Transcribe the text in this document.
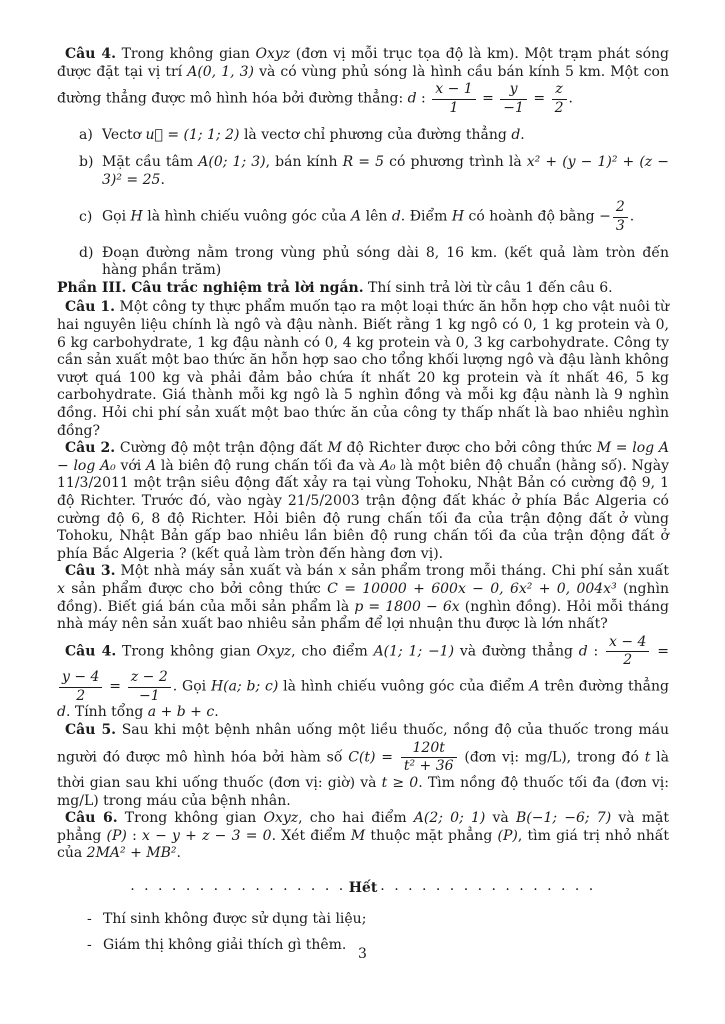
Câu 4. Trong không gian Oxyz (đơn vị mỗi trục tọa độ là km). Một trạm phát sóng được đặt tại vị trí A(0, 1, 3) và có vùng phủ sóng là hình cầu bán kính 5 km. Một con đường thẳng được mô hình hóa bởi đường thẳng: d : $\frac{x - 1}{1} = \frac{y}{-1} = \frac{z}{2}$ .

a) Vectơ u⃗ = (1; 1; 2) là vectơ chỉ phương của đường thẳng d.

b) Mặt cầu tâm A(0; 1; 3), bán kính R = 5 có phương trình là x² + (y − 1)² + (z − 3)² = 25.

c) Gọi H là hình chiếu vuông góc của A lên d. Điểm H có hoành độ bằng − $\frac{2}{3}$ .

d) Đoạn đường nằm trong vùng phủ sóng dài 8, 16 km. (kết quả làm tròn đến hàng phần trăm)

Phần III. Câu trắc nghiệm trả lời ngắn. Thí sinh trả lời từ câu 1 đến câu 6.

Câu 1. Một công ty thực phẩm muốn tạo ra một loại thức ăn hỗn hợp cho vật nuôi từ hai nguyên liệu chính là ngô và đậu nành. Biết rằng 1 kg ngô có 0, 1 kg protein và 0, 6 kg carbohydrate, 1 kg đậu nành có 0, 4 kg protein và 0, 3 kg carbohydrate. Công ty cần sản xuất một bao thức ăn hỗn hợp sao cho tổng khối lượng ngô và đậu lành không vượt quá 100 kg và phải đảm bảo chứa ít nhất 20 kg protein và ít nhất 46, 5 kg carbohydrate. Giá thành mỗi kg ngô là 5 nghìn đồng và mỗi kg đậu nành là 9 nghìn đồng. Hỏi chi phí sản xuất một bao thức ăn của công ty thấp nhất là bao nhiêu nghìn đồng?

Câu 2. Cường độ một trận động đất M độ Richter được cho bởi công thức M = log A − log A₀ với A là biên độ rung chấn tối đa và A₀ là một biên độ chuẩn (hằng số). Ngày 11/3/2011 một trận siêu động đất xảy ra tại vùng Tohoku, Nhật Bản có cường độ 9, 1 độ Richter. Trước đó, vào ngày 21/5/2003 trận động đất khác ở phía Bắc Algeria có cường độ 6, 8 độ Richter. Hỏi biên độ rung chấn tối đa của trận động đất ở vùng Tohoku, Nhật Bản gấp bao nhiêu lần biên độ rung chấn tối đa của trận động đất ở phía Bắc Algeria ? (kết quả làm tròn đến hàng đơn vị).

Câu 3. Một nhà máy sản xuất và bán x sản phẩm trong mỗi tháng. Chi phí sản xuất x sản phẩm được cho bởi công thức C = 10000 + 600x − 0, 6x² + 0, 004x³ (nghìn đồng). Biết giá bán của mỗi sản phẩm là p = 1800 − 6x (nghìn đồng). Hỏi mỗi tháng nhà máy nên sản xuất bao nhiêu sản phẩm để lợi nhuận thu được là lớn nhất?

Câu 4. Trong không gian Oxyz, cho điểm A(1; 1; −1) và đường thẳng d : $\frac{x - 4}{2}$ =
$\frac{y - 4}{2} = \frac{z - 2}{-1}$ . Gọi H(a; b; c) là hình chiếu vuông góc của điểm A trên đường thẳng d. Tính tổng a + b + c.

Câu 5. Sau khi một bệnh nhân uống một liều thuốc, nồng độ của thuốc trong máu người đó được mô hình hóa bởi hàm số $C(t) = \frac{120t}{\text{t² + 36}}$ (đơn vị: mg/L), trong đó t là thời gian sau khi uống thuốc (đơn vị: giờ) và t ≥ 0. Tìm nồng độ thuốc tối đa (đơn vị: mg/L) trong máu của bệnh nhân.

Câu 6. Trong không gian Oxyz, cho hai điểm A(2; 0; 1) và B(−1; −6; 7) và mặt phẳng (P) : x − y + z − 3 = 0. Xét điểm M thuộc mặt phẳng (P), tìm giá trị nhỏ nhất của 2MA² + MB².

. . . . . . . . . . . . . . . . Hết . . . . . . . . . . . . . . . .
- Thí sinh không được sử dụng tài liệu;
- Giám thị không giải thích gì thêm.
3
